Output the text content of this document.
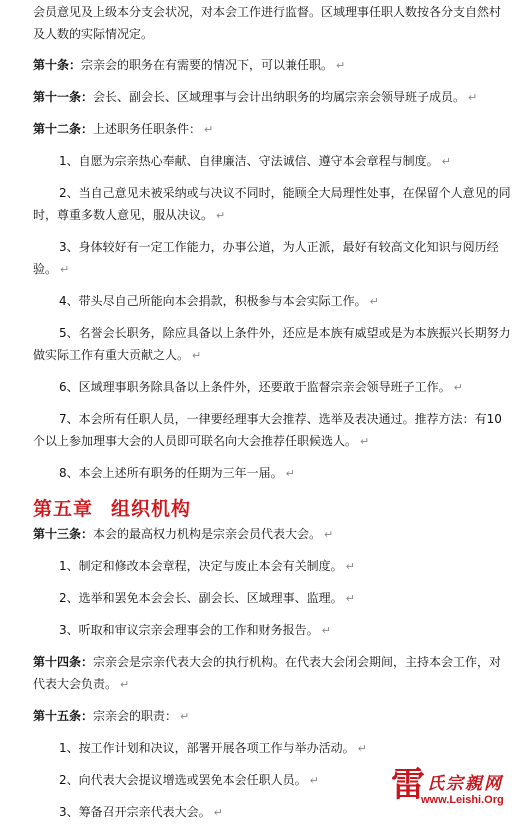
会员意见及上级本分支会状况，对本会工作进行监督。区域理事任职人数按各分支自然村及人数的实际情况定。

第十条：宗亲会的职务在有需要的情况下，可以兼任职。 ↵

第十一条：会长、副会长、区域理事与会计出纳职务的均属宗亲会领导班子成员。 ↵

第十二条：上述职务任职条件： ↵

1、自愿为宗亲热心奉献、自律廉洁、守法诚信、遵守本会章程与制度。 ↵

2、当自己意见未被采纳或与决议不同时，能顾全大局理性处事，在保留个人意见的同时，尊重多数人意见，服从决议。 ↵

3、身体较好有一定工作能力，办事公道，为人正派，最好有较高文化知识与阅历经验。 ↵

4、带头尽自己所能向本会捐款，积极参与本会实际工作。 ↵

5、名誉会长职务，除应具备以上条件外，还应是本族有威望或是为本族振兴长期努力做实际工作有重大贡献之人。 ↵

6、区域理事职务除具备以上条件外，还要敢于监督宗亲会领导班子工作。 ↵

7、本会所有任职人员，一律要经理事大会推荐、选举及表决通过。推荐方法：有10个以上参加理事大会的人员即可联名向大会推荐任职候选人。 ↵

8、本会上述所有职务的任期为三年一届。 ↵

第五章 组织机构

第十三条：本会的最高权力机构是宗亲会员代表大会。 ↵

1、制定和修改本会章程，决定与废止本会有关制度。 ↵

2、选举和罢免本会会长、副会长、区域理事、监理。 ↵

3、听取和审议宗亲会理事会的工作和财务报告。 ↵

第十四条：宗亲会是宗亲代表大会的执行机构。在代表大会闭会期间，主持本会工作，对代表大会负责。 ↵

第十五条：宗亲会的职责： ↵

1、按工作计划和决议，部署开展各项工作与举办活动。 ↵

2、向代表大会提议增选或罢免本会任职人员。 ↵

3、筹备召开宗亲代表大会。 ↵

雷 氏宗親网
www.Leishi.Org
